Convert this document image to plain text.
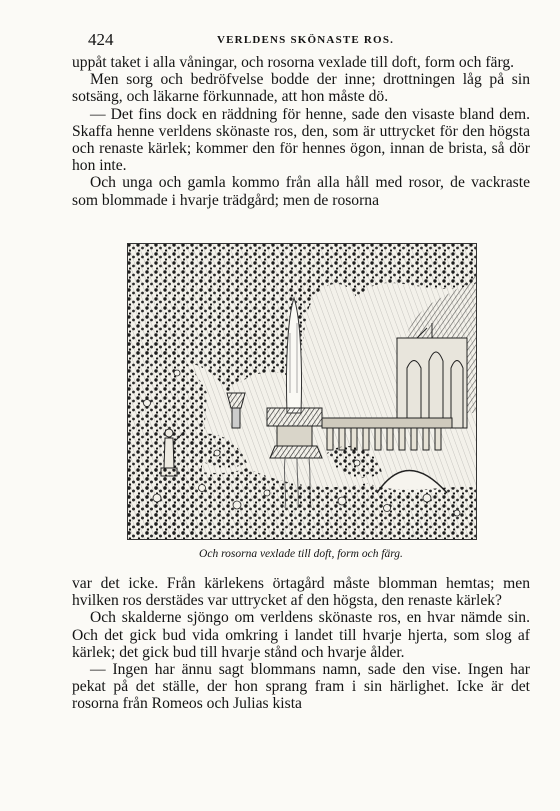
424	VERLDENS SKÖNASTE ROS.

uppåt taket i alla våningar, och rosorna vexlade till doft, form och färg.

Men sorg och bedröfvelse bodde der inne; drottningen låg på sin sotsäng, och läkarne förkunnade, att hon måste dö.

— Det fins dock en räddning för henne, sade den visaste bland dem. Skaffa henne verldens skönaste ros, den, som är uttrycket för den högsta och renaste kärlek; kommer den för hennes ögon, innan de brista, så dör hon inte.

Och unga och gamla kommo från alla håll med rosor, de vackraste som blommade i hvarje trädgård; men de rosorna

Och rosorna vexlade till doft, form och färg.

var det icke. Från kärlekens örtagård måste blomman hemtas; men hvilken ros derstädes var uttrycket af den högsta, den renaste kärlek?

Och skalderne sjöngo om verldens skönaste ros, en hvar nämde sin. Och det gick bud vida omkring i landet till hvarje hjerta, som slog af kärlek; det gick bud till hvarje stånd och hvarje ålder.

— Ingen har ännu sagt blommans namn, sade den vise. Ingen har pekat på det ställe, der hon sprang fram i sin härlighet. Icke är det rosorna från Romeos och Julias kista
